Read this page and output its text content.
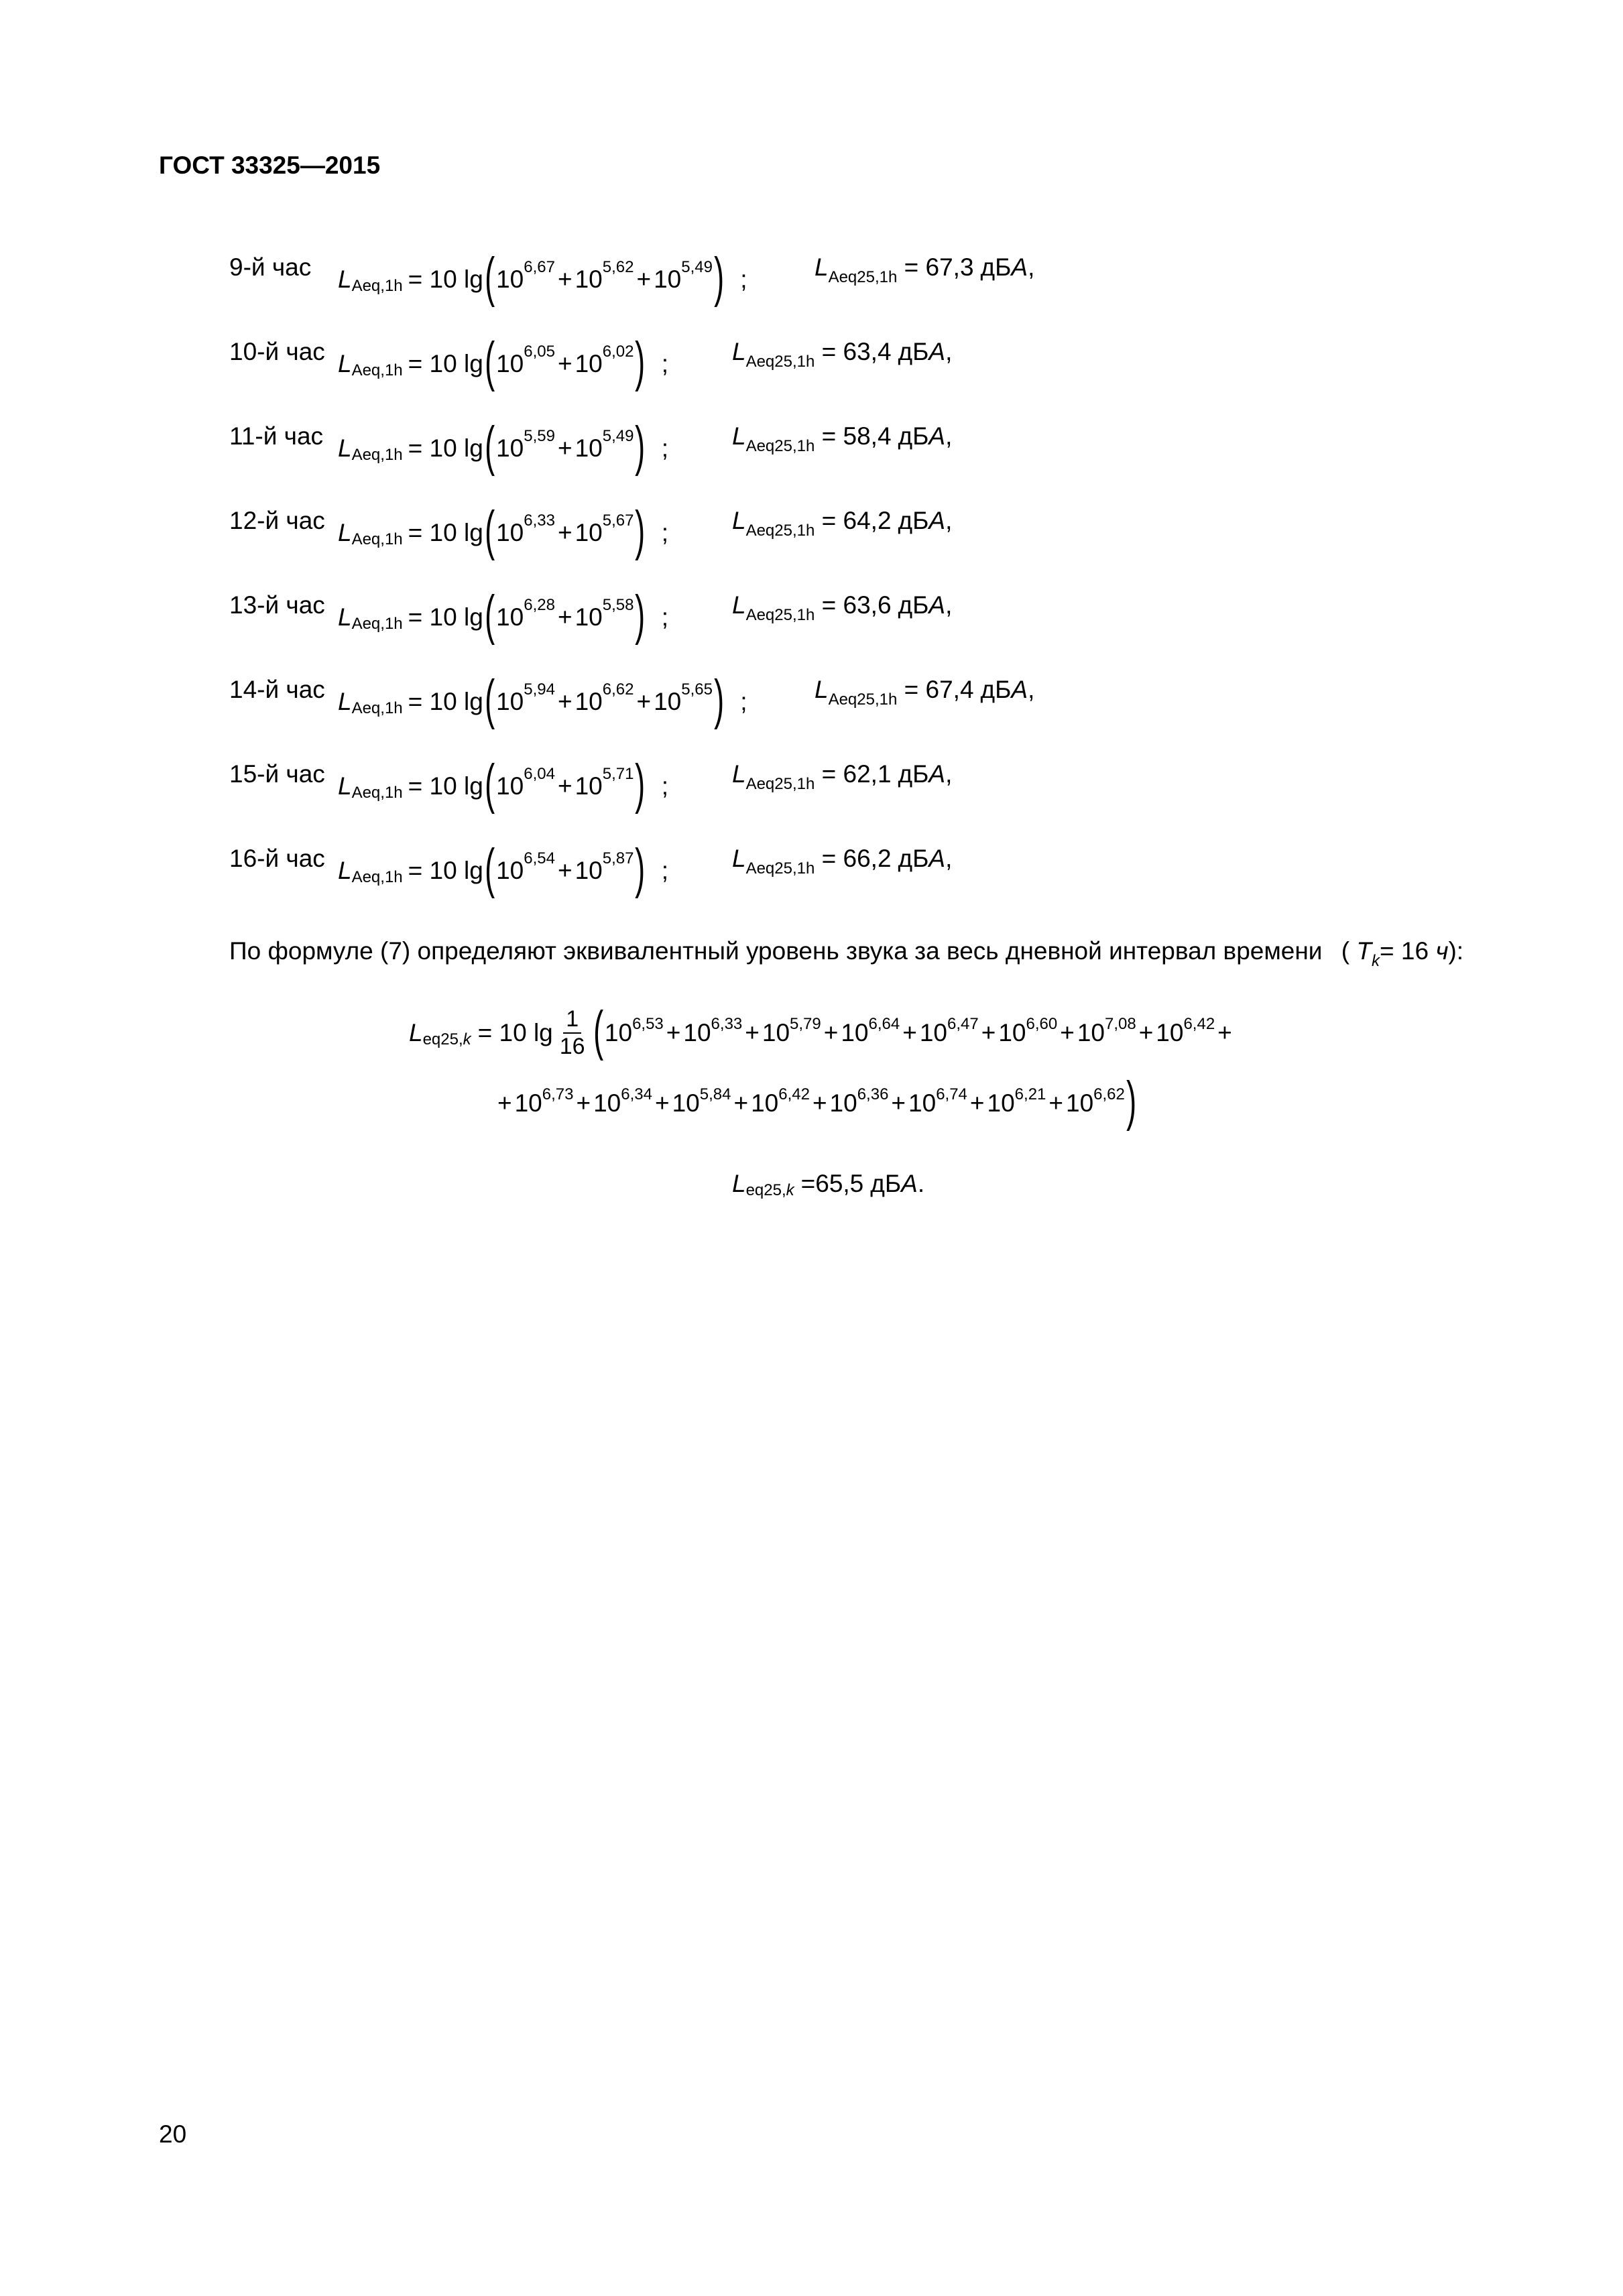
ГОСТ 33325—2015
9-й час L Aeq,1h = 10 lg ( 10 6,67 + 10 5,62 + 10 5,49 ) ;	$L_{Aeq25,1h} = 67,3$ дБA,
10-й час L Aeq,1h = 10 lg ( 10 6,05 + 10 6,02 ) ;	$L_{Aeq25,1h} = 63,4$ дБA,
11-й час L Aeq,1h = 10 lg ( 10 5,59 + 10 5,49 ) ;	$L_{Aeq25,1h} = 58,4$ дБA,
12-й час L Aeq,1h = 10 lg ( 10 6,33 + 10 5,67 ) ;	$L_{Aeq25,1h} = 64,2$ дБA,
13-й час L Aeq,1h = 10 lg ( 10 6,28 + 10 5,58 ) ;	$L_{Aeq25,1h} = 63,6$ дБA,
14-й час L Aeq,1h = 10 lg ( 10 5,94 + 10 6,62 + 10 5,65 ) ;	$L_{Aeq25,1h} = 67,4$ дБA,
15-й час L Aeq,1h = 10 lg ( 10 6,04 + 10 5,71 ) ;	$L_{Aeq25,1h} = 62,1$ дБA,
16-й час L Aeq,1h = 10 lg ( 10 6,54 + 10 5,87 ) ;	$L_{Aeq25,1h} = 66,2$ дБA,
По формуле (7) определяют эквивалентный уровень звука за весь дневной интервал времени ( $T_k= 16$ ч):
L eq25,k = 10 $\lg \frac{1}{16}$ ( $10^{6,53} + 10^{6,33} + 10^{5,79} + 10^{6,64} + 10^{6,47} + 10^{6,60} + 10^{7,08} + 10^{6,42}$ +
+ $10^{6,73} + 10^{6,34} + 10^{5,84} + 10^{6,42} + 10^{6,36} + 10^{6,74} + 10^{6,21} + 10^{6,62}$ )
L eq25,k = 65,5 дБ A .
20
